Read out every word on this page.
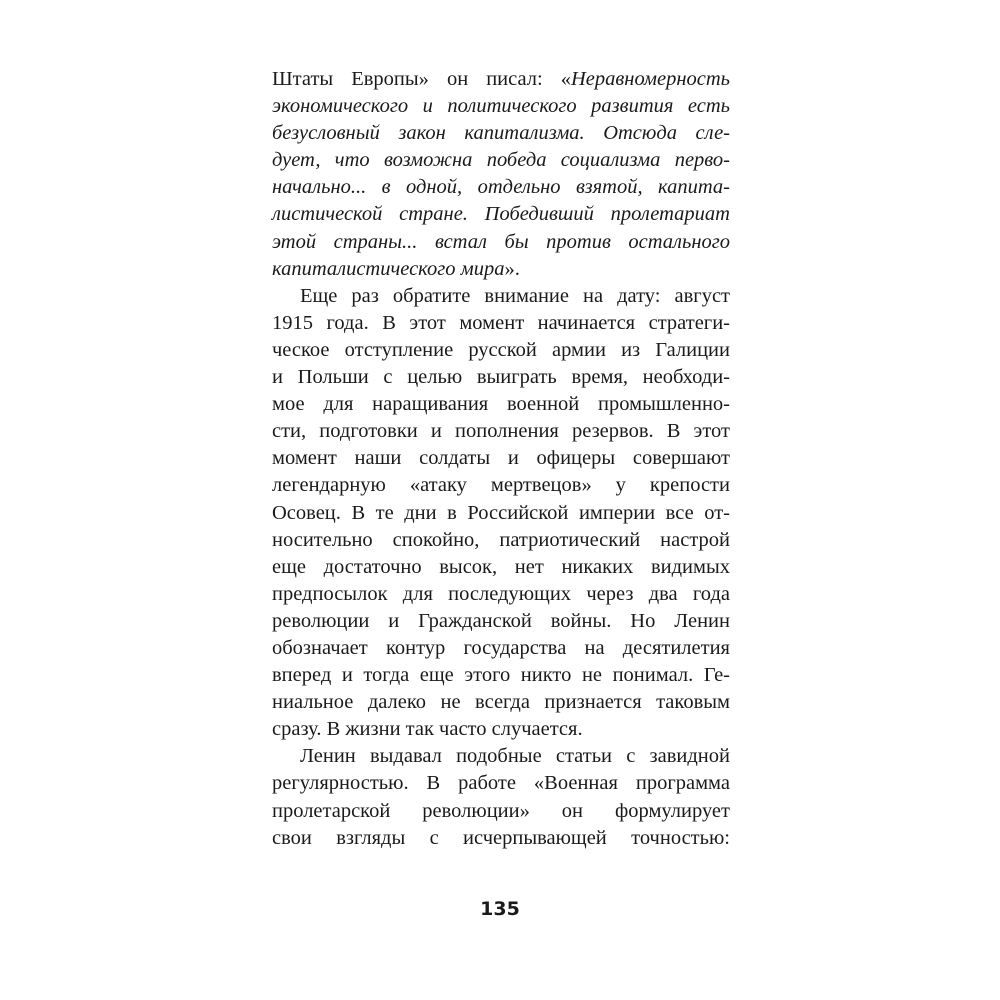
Штаты Европы» он писал: «Неравномерность
экономического и политического развития есть
безусловный закон капитализма. Отсюда сле-
дует, что возможна победа социализма перво-
начально... в одной, отдельно взятой, капита-
листической стране. Победивший пролетариат
этой страны... встал бы против остального
капиталистического мира».
Еще раз обратите внимание на дату: август
1915 года. В этот момент начинается стратеги-
ческое отступление русской армии из Галиции
и Польши с целью выиграть время, необходи-
мое для наращивания военной промышленно-
сти, подготовки и пополнения резервов. В этот
момент наши солдаты и офицеры совершают
легендарную «атаку мертвецов» у крепости
Осовец. В те дни в Российской империи все от-
носительно спокойно, патриотический настрой
еще достаточно высок, нет никаких видимых
предпосылок для последующих через два года
революции и Гражданской войны. Но Ленин
обозначает контур государства на десятилетия
вперед и тогда еще этого никто не понимал. Ге-
ниальное далеко не всегда признается таковым
сразу. В жизни так часто случается.
Ленин выдавал подобные статьи с завидной
регулярностью. В работе «Военная программа
пролетарской революции» он формулирует
свои взгляды с исчерпывающей точностью:
135
